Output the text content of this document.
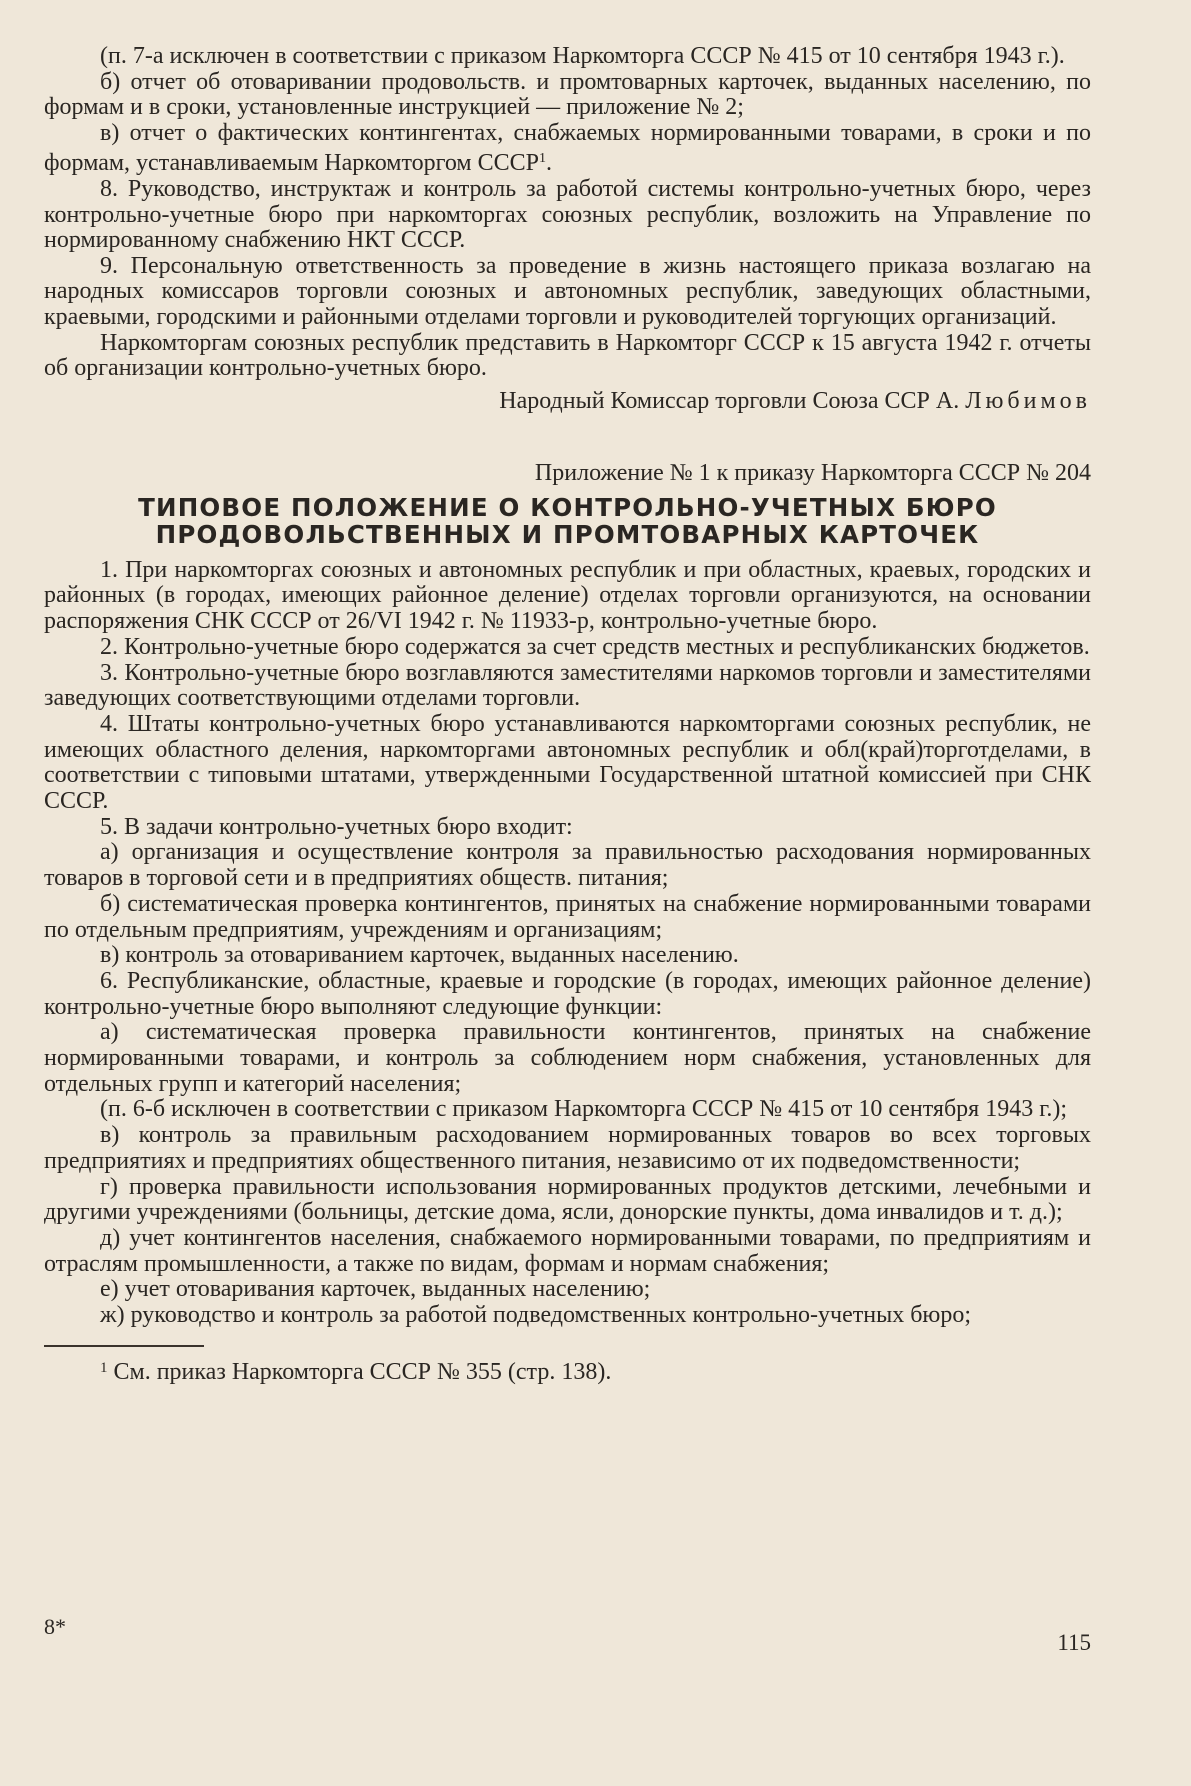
(п. 7-а исключен в соответствии с приказом Наркомторга СССР № 415 от 10 сентября 1943 г.).

б) отчет об отоваривании продовольств. и промтоварных карточек, выданных населению, по формам и в сроки, установленные инструкцией — приложение № 2;

в) отчет о фактических контингентах, снабжаемых нормированными товарами, в сроки и по формам, устанавливаемым Наркомторгом СССР$^1$.

8. Руководство, инструктаж и контроль за работой системы контрольно-учетных бюро, через контрольно-учетные бюро при наркомторгах союзных республик, возложить на Управление по нормированному снабжению НКТ СССР.

9. Персональную ответственность за проведение в жизнь настоящего приказа возлагаю на народных комиссаров торговли союзных и автономных республик, заведующих областными, краевыми, городскими и районными отделами торговли и руководителей торгующих организаций.

Наркомторгам союзных республик представить в Наркомторг СССР к 15 августа 1942 г. отчеты об организации контрольно-учетных бюро.

Народный Комиссар торговли Союза ССР А. Любимов

Приложение № 1 к приказу Наркомторга СССР № 204

ТИПОВОЕ ПОЛОЖЕНИЕ О КОНТРОЛЬНО-УЧЕТНЫХ БЮРО
ПРОДОВОЛЬСТВЕННЫХ И ПРОМТОВАРНЫХ КАРТОЧЕК

1. При наркомторгах союзных и автономных республик и при областных, краевых, городских и районных (в городах, имеющих районное деление) отделах торговли организуются, на основании распоряжения СНК СССР от 26/VI 1942 г. № 11933-р, контрольно-учетные бюро.

2. Контрольно-учетные бюро содержатся за счет средств местных и республиканских бюджетов.

3. Контрольно-учетные бюро возглавляются заместителями наркомов торговли и заместителями заведующих соответствующими отделами торговли.

4. Штаты контрольно-учетных бюро устанавливаются наркомторгами союзных республик, не имеющих областного деления, наркомторгами автономных республик и обл(край)торготделами, в соответствии с типовыми штатами, утвержденными Государственной штатной комиссией при СНК СССР.

5. В задачи контрольно-учетных бюро входит:

а) организация и осуществление контроля за правильностью расходования нормированных товаров в торговой сети и в предприятиях обществ. питания;

б) систематическая проверка контингентов, принятых на снабжение нормированными товарами по отдельным предприятиям, учреждениям и организациям;

в) контроль за отовариванием карточек, выданных населению.

6. Республиканские, областные, краевые и городские (в городах, имеющих районное деление) контрольно-учетные бюро выполняют следующие функции:

а) систематическая проверка правильности контингентов, принятых на снабжение нормированными товарами, и контроль за соблюдением норм снабжения, установленных для отдельных групп и категорий населения;

(п. 6-б исключен в соответствии с приказом Наркомторга СССР № 415 от 10 сентября 1943 г.);

в) контроль за правильным расходованием нормированных товаров во всех торговых предприятиях и предприятиях общественного питания, независимо от их подведомственности;

г) проверка правильности использования нормированных продуктов детскими, лечебными и другими учреждениями (больницы, детские дома, ясли, донорские пункты, дома инвалидов и т. д.);

д) учет контингентов населения, снабжаемого нормированными товарами, по предприятиям и отраслям промышленности, а также по видам, формам и нормам снабжения;

е) учет отоваривания карточек, выданных населению;

ж) руководство и контроль за работой подведомственных контрольно-учетных бюро;

$^1$ См. приказ Наркомторга СССР № 355 (стр. 138).

8*
115
